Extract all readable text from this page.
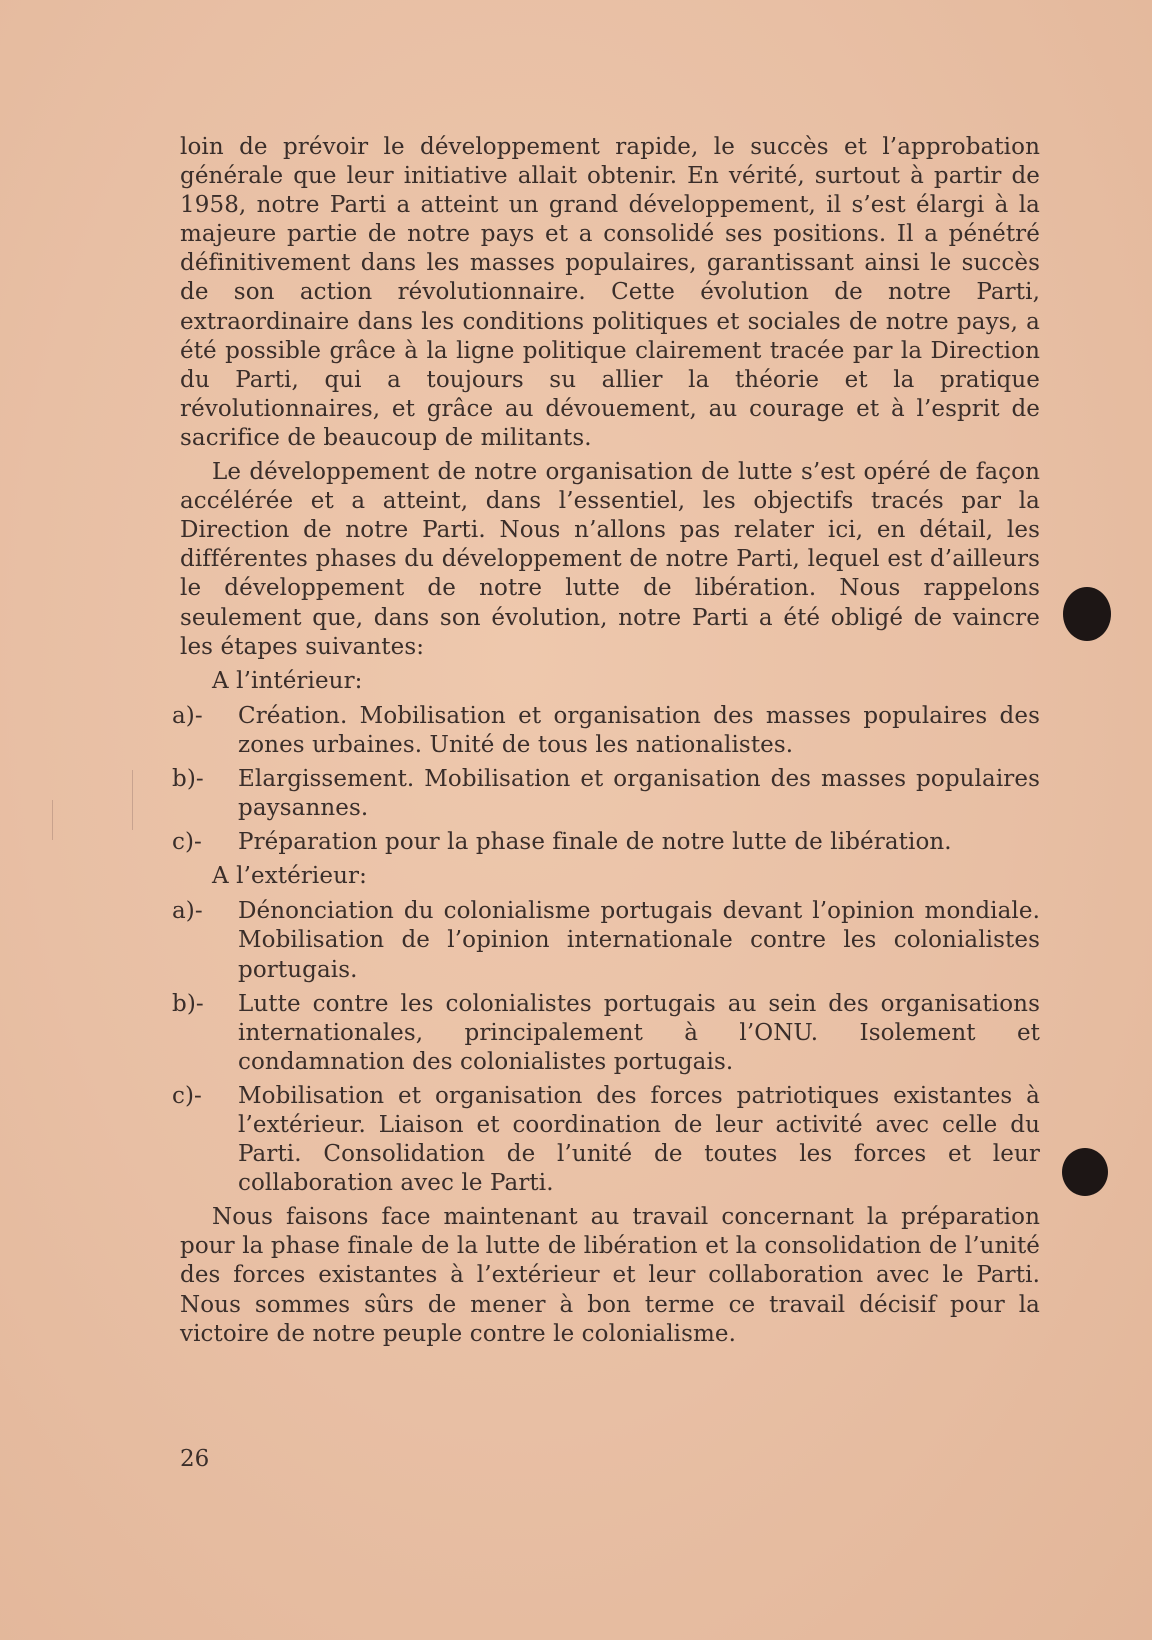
loin de prévoir le développement rapide, le succès et l’approbation générale que leur initiative allait obtenir. En vérité, surtout à partir de 1958, notre Parti a atteint un grand développement, il s’est élargi à la majeure partie de notre pays et a consolidé ses positions. Il a pénétré définitivement dans les masses populaires, garantissant ainsi le succès de son action révolutionnaire. Cette évolution de notre Parti, extraordinaire dans les conditions politiques et sociales de notre pays, a été possible grâce à la ligne politique clairement tracée par la Direction du Parti, qui a toujours su allier la théorie et la pratique révolutionnaires, et grâce au dévouement, au courage et à l’esprit de sacrifice de beaucoup de militants.

Le développement de notre organisation de lutte s’est opéré de façon accélérée et a atteint, dans l’essentiel, les objectifs tracés par la Direction de notre Parti. Nous n’allons pas relater ici, en détail, les différentes phases du développement de notre Parti, lequel est d’ailleurs le développement de notre lutte de libération. Nous rappelons seulement que, dans son évolution, notre Parti a été obligé de vaincre les étapes suivantes:

A l’intérieur:
a)- Création. Mobilisation et organisation des masses populaires des zones urbaines. Unité de tous les nationalistes.
b)- Elargissement. Mobilisation et organisation des masses populaires paysannes.
c)- Préparation pour la phase finale de notre lutte de libération.
A l’extérieur:
a)- Dénonciation du colonialisme portugais devant l’opinion mondiale. Mobilisation de l’opinion internationale contre les colonialistes portugais.
b)- Lutte contre les colonialistes portugais au sein des organisations internationales, principalement à l’ONU. Isolement et condamnation des colonialistes portugais.
c)- Mobilisation et organisation des forces patriotiques existantes à l’extérieur. Liaison et coordination de leur activité avec celle du Parti. Consolidation de l’unité de toutes les forces et leur collaboration avec le Parti.

Nous faisons face maintenant au travail concernant la préparation pour la phase finale de la lutte de libération et la consolidation de l’unité des forces existantes à l’extérieur et leur collaboration avec le Parti. Nous sommes sûrs de mener à bon terme ce travail décisif pour la victoire de notre peuple contre le colonialisme.

26
